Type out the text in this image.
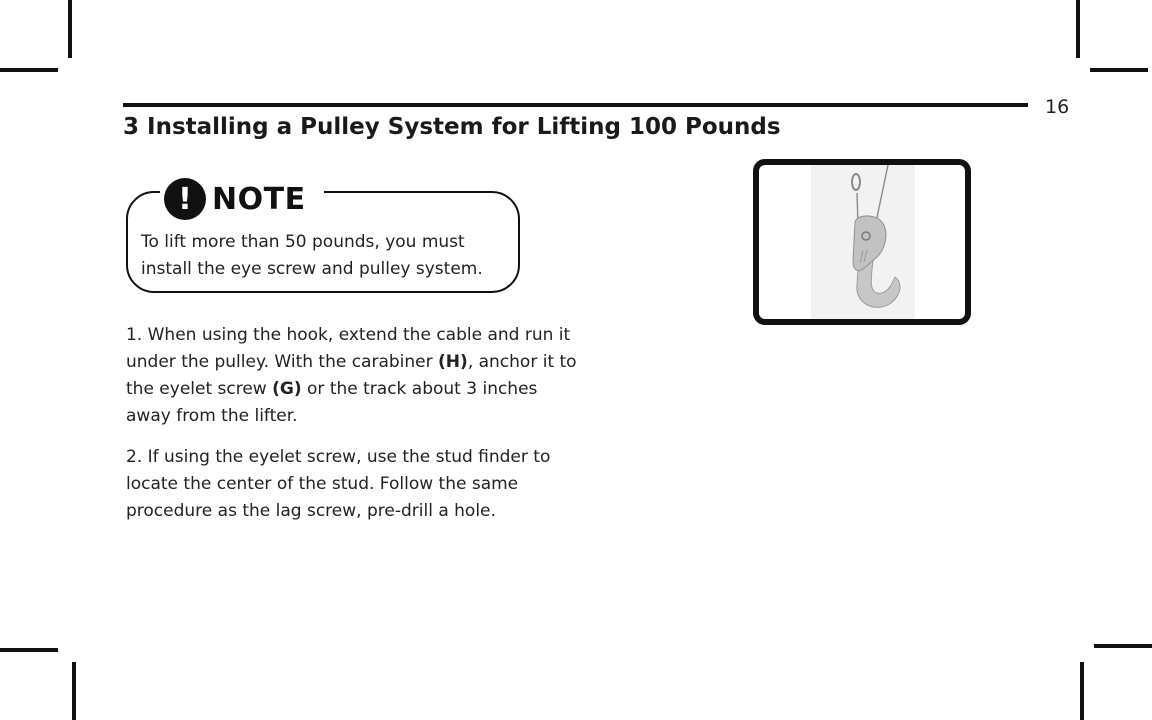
16
3 Installing a Pulley System for Lifting 100 Pounds
! NOTE
To lift more than 50 pounds, you must install the eye screw and pulley system.

1. When using the hook, extend the cable and run it under the pulley. With the carabiner (H), anchor it to the eyelet screw (G) or the track about 3 inches away from the lifter.

2. If using the eyelet screw, use the stud finder to locate the center of the stud. Follow the same procedure as the lag screw, pre-drill a hole.
